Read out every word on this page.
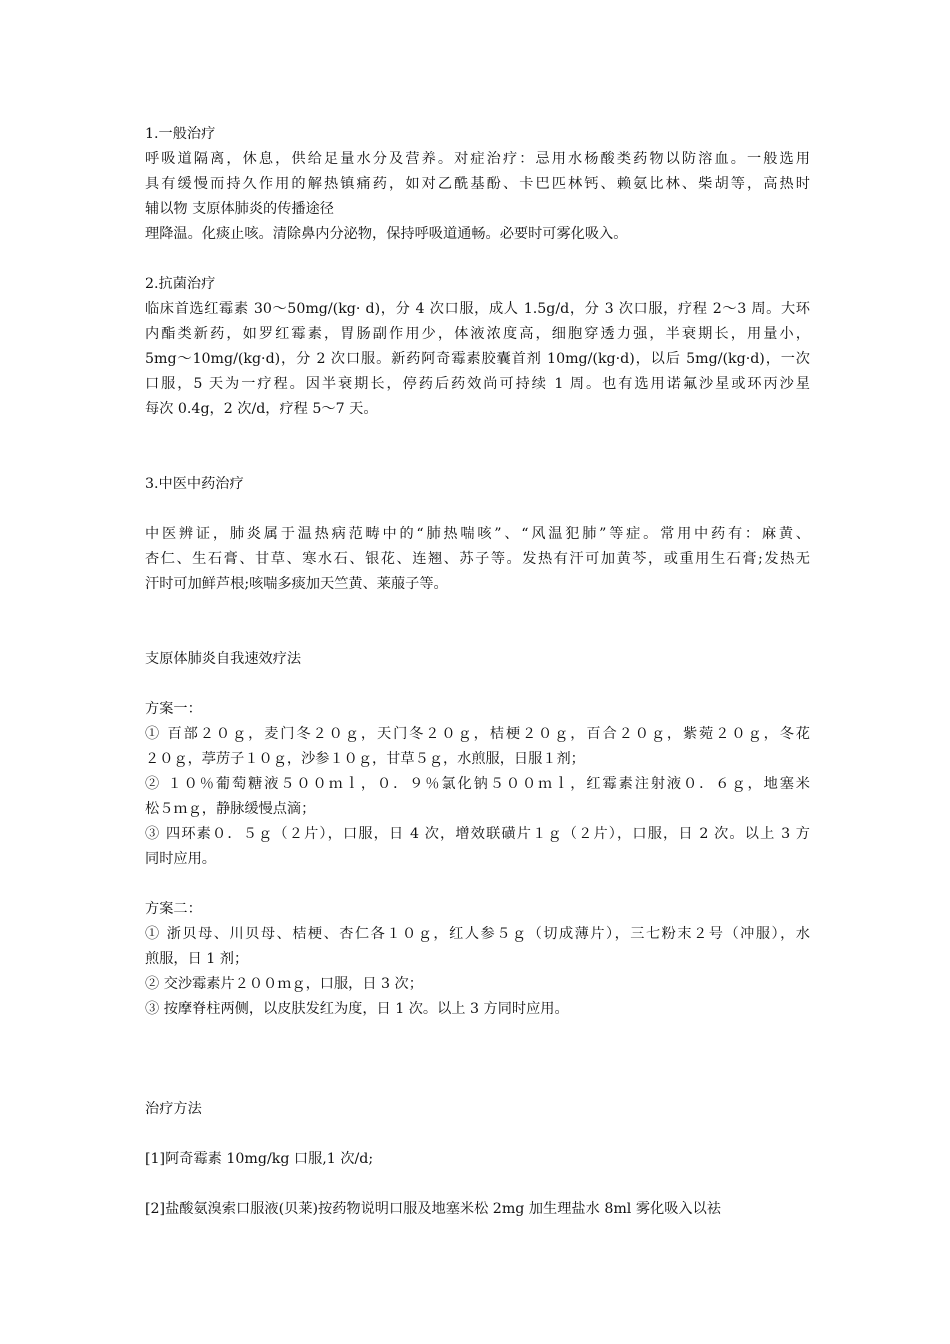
1.一般治疗
呼吸道隔离，休息，供给足量水分及营养。对症治疗：忌用水杨酸类药物以防溶血。一般选用
具有缓慢而持久作用的解热镇痛药，如对乙酰基酚、卡巴匹林钙、赖氨比林、柴胡等，高热时
辅以物 支原体肺炎的传播途径
理降温。化痰止咳。清除鼻内分泌物，保持呼吸道通畅。必要时可雾化吸入。
2.抗菌治疗
临床首选红霉素 30～50mg/(kg· d)，分 4 次口服，成人 1.5g/d，分 3 次口服，疗程 2～3 周。大环
内酯类新药，如罗红霉素，胃肠副作用少，体液浓度高，细胞穿透力强，半衰期长，用量小，
5mg～10mg/(kg·d)，分 2 次口服。新药阿奇霉素胶囊首剂 10mg/(kg·d)，以后 5mg/(kg·d)，一次
口服，5 天为一疗程。因半衰期长，停药后药效尚可持续 1 周。也有选用诺氟沙星或环丙沙星
每次 0.4g，2 次/d，疗程 5～7 天。
3.中医中药治疗
中医辨证，肺炎属于温热病范畴中的“肺热喘咳”、“风温犯肺”等症。常用中药有：麻黄、
杏仁、生石膏、甘草、寒水石、银花、连翘、苏子等。发热有汗可加黄芩，或重用生石膏;发热无
汗时可加鲜芦根;咳喘多痰加天竺黄、莱菔子等。
支原体肺炎自我速效疗法
方案一：
① 百部２０ｇ，麦门冬２０ｇ，天门冬２０ｇ，桔梗２０ｇ，百合２０ｇ，紫菀２０ｇ，冬花
２０ｇ，葶苈子１０ｇ，沙参１０ｇ，甘草５ｇ，水煎服，日服１剂；
② １０％葡萄糖液５００ｍｌ，０．９％氯化钠５００ｍｌ，红霉素注射液０．６ｇ，地塞米
松５ｍｇ，静脉缓慢点滴；
③ 四环素０．５ｇ（２片），口服，日 4 次，增效联磺片１ｇ（２片），口服，日 2 次。以上 3 方
同时应用。
方案二：
① 浙贝母、川贝母、桔梗、杏仁各１０ｇ，红人参５ｇ（切成薄片），三七粉末２号（冲服），水
煎服，日 1 剂；
② 交沙霉素片２００ｍｇ，口服，日 3 次；
③ 按摩脊柱两侧，以皮肤发红为度，日 1 次。以上 3 方同时应用。
治疗方法
[1]阿奇霉素 10mg/kg 口服,1 次/d;
[2]盐酸氨溴索口服液(贝莱)按药物说明口服及地塞米松 2mg 加生理盐水 8ml 雾化吸入以祛
